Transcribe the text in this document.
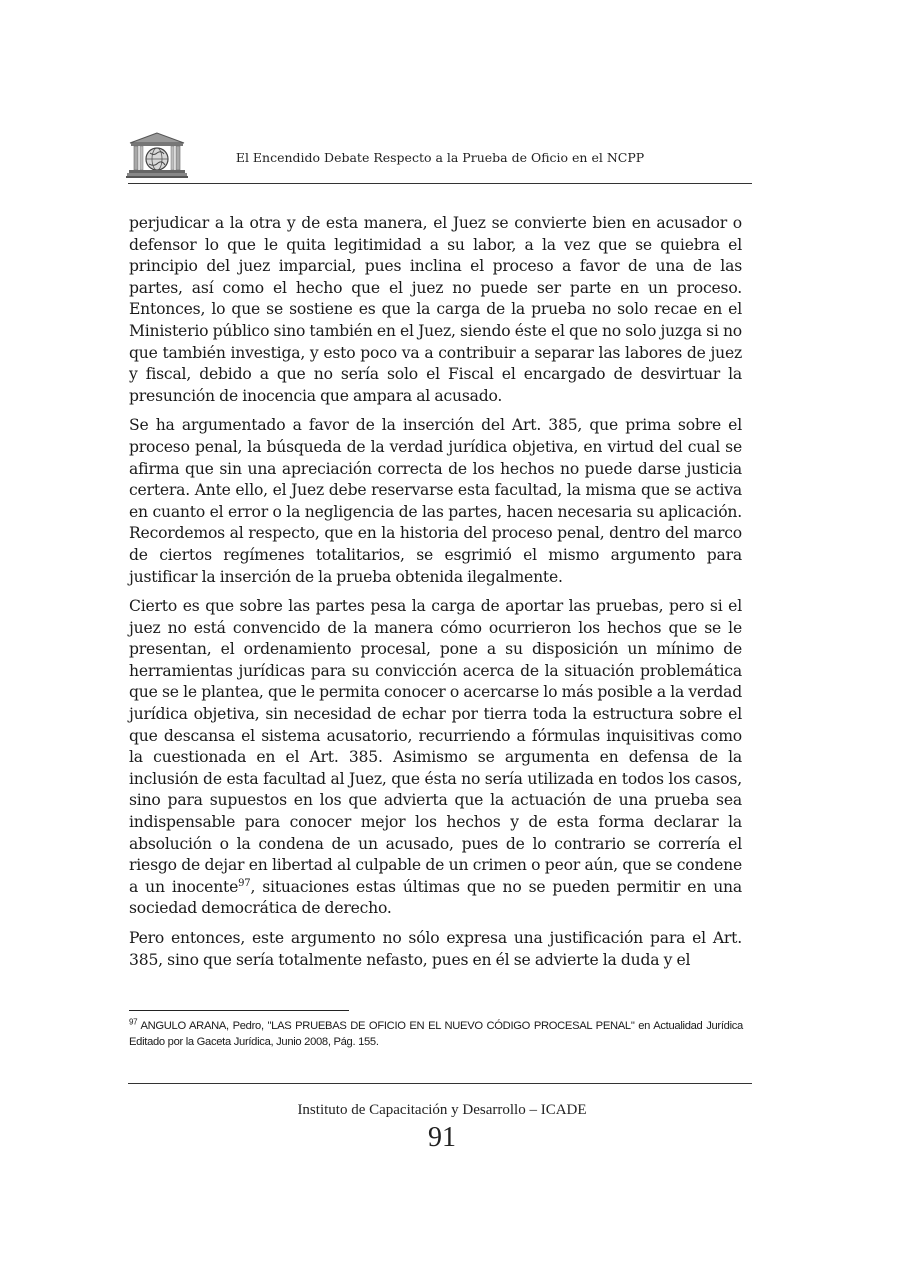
El Encendido Debate Respecto a la Prueba de Oficio en el NCPP

perjudicar a la otra y de esta manera, el Juez se convierte bien en acusador o defensor lo que le quita legitimidad a su labor, a la vez que se quiebra el principio del juez imparcial, pues inclina el proceso a favor de una de las partes, así como el hecho que el juez no puede ser parte en un proceso. Entonces, lo que se sostiene es que la carga de la prueba no solo recae en el Ministerio público sino también en el Juez, siendo éste el que no solo juzga si no que también investiga, y esto poco va a contribuir a separar las labores de juez y fiscal, debido a que no sería solo el Fiscal el encargado de desvirtuar la presunción de inocencia que ampara al acusado.

Se ha argumentado a favor de la inserción del Art. 385, que prima sobre el proceso penal, la búsqueda de la verdad jurídica objetiva, en virtud del cual se afirma que sin una apreciación correcta de los hechos no puede darse justicia certera. Ante ello, el Juez debe reservarse esta facultad, la misma que se activa en cuanto el error o la negligencia de las partes, hacen necesaria su aplicación. Recordemos al respecto, que en la historia del proceso penal, dentro del marco de ciertos regímenes totalitarios, se esgrimió el mismo argumento para justificar la inserción de la prueba obtenida ilegalmente.

Cierto es que sobre las partes pesa la carga de aportar las pruebas, pero si el juez no está convencido de la manera cómo ocurrieron los hechos que se le presentan, el ordenamiento procesal, pone a su disposición un mínimo de herramientas jurídicas para su convicción acerca de la situación problemática que se le plantea, que le permita conocer o acercarse lo más posible a la verdad jurídica objetiva, sin necesidad de echar por tierra toda la estructura sobre el que descansa el sistema acusatorio, recurriendo a fórmulas inquisitivas como la cuestionada en el Art. 385. Asimismo se argumenta en defensa de la inclusión de esta facultad al Juez, que ésta no sería utilizada en todos los casos, sino para supuestos en los que advierta que la actuación de una prueba sea indispensable para conocer mejor los hechos y de esta forma declarar la absolución o la condena de un acusado, pues de lo contrario se correría el riesgo de dejar en libertad al culpable de un crimen o peor aún, que se condene a un inocente$^{97}$, situaciones estas últimas que no se pueden permitir en una sociedad democrática de derecho.

Pero entonces, este argumento no sólo expresa una justificación para el Art. 385, sino que sería totalmente nefasto, pues en él se advierte la duda y el

$^{97}$ ANGULO ARANA, Pedro, "LAS PRUEBAS DE OFICIO EN EL NUEVO CÓDIGO PROCESAL PENAL" en Actualidad Jurídica Editado por la Gaceta Jurídica, Junio 2008, Pág. 155.
Instituto de Capacitación y Desarrollo – ICADE
91
